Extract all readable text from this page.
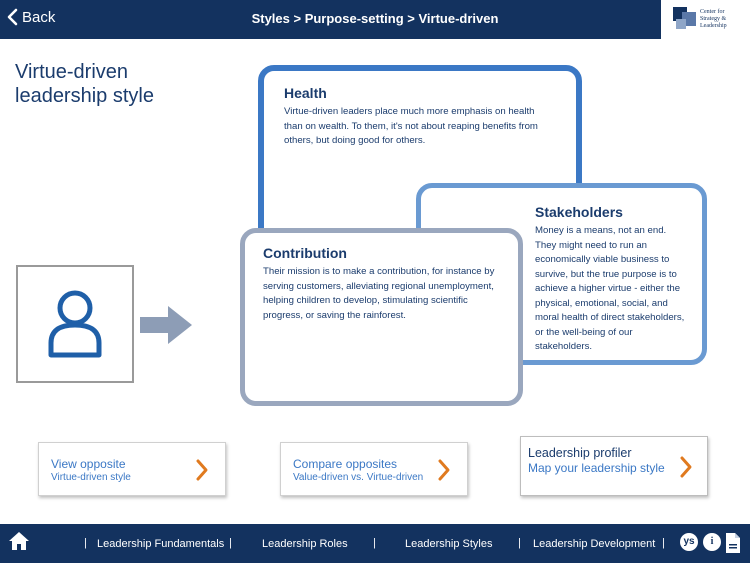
Back	Styles > Purpose-setting > Virtue-driven	Center for
Strategy &
Leadership
Virtue-driven leadership style	Health

Virtue-driven leaders place much more emphasis on health than on wealth. To them, it's not about reaping benefits from others, but doing good for others.

Stakeholders

Money is a means, not an end. They might need to run an economically viable business to survive, but the true purpose is to achieve a higher virtue - either the physical, emotional, social, and moral health of direct stakeholders, or the well-being of our stakeholders.

Contribution

Their mission is to make a contribution, for instance by serving customers, alleviating regional unemployment, helping children to develop, stimulating scientific progress, or saving the rainforest.

View opposite
Virtue-driven style
Compare opposites
Value-driven vs. Virtue-driven
Leadership profiler
Map your leadership style
| Leadership Fundamentals |	Leadership Roles |	Leadership Styles | Leadership Development |	ys	i
